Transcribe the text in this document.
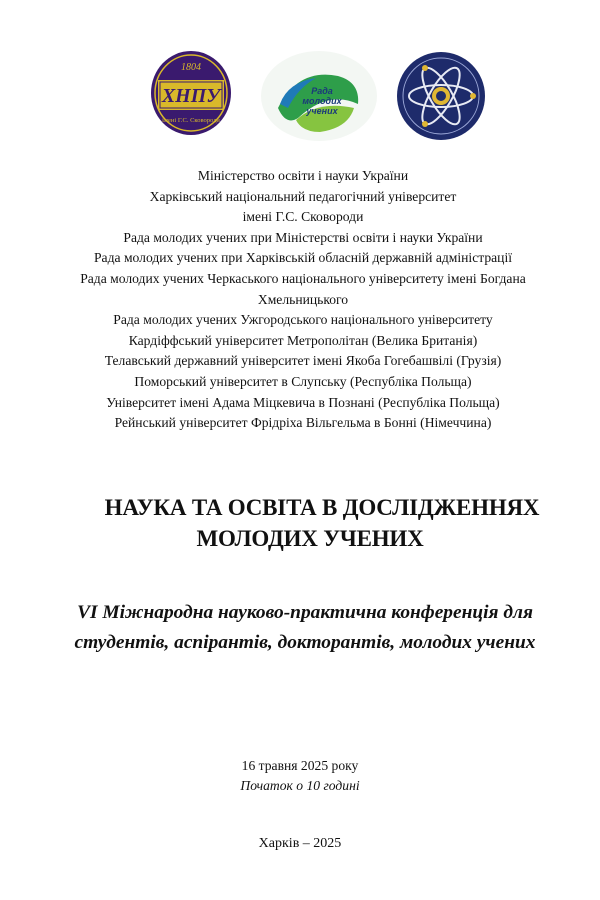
1804
ХНПУ
імені Г.С. Сковороди
Рада
молодих
учених
Міністерство освіти і науки України
Харківський національний педагогічний університет
імені Г.С. Сковороди
Рада молодих учених при Міністерстві освіти і науки України
Рада молодих учених при Харківській обласній державній адміністрації
Рада молодих учених Черкаського національного університету імені Богдана Хмельницького
Рада молодих учених Ужгородського національного університету
Кардіффський університет Метрополітан (Велика Британія)
Телавський державний університет імені Якоба Гогебашвілі (Грузія)
Поморський університет в Слупську (Республіка Польща)
Університет імені Адама Міцкевича в Познані (Республіка Польща)
Рейнський університет Фрідріха Вільгельма в Бонні (Німеччина)
НАУКА ТА ОСВІТА В ДОСЛІДЖЕННЯХ
МОЛОДИХ УЧЕНИХ
VI Міжнародна науково-практична конференція для
студентів, аспірантів, докторантів, молодих учених
16 травня 2025 року
Початок о 10 годині
Харків – 2025
